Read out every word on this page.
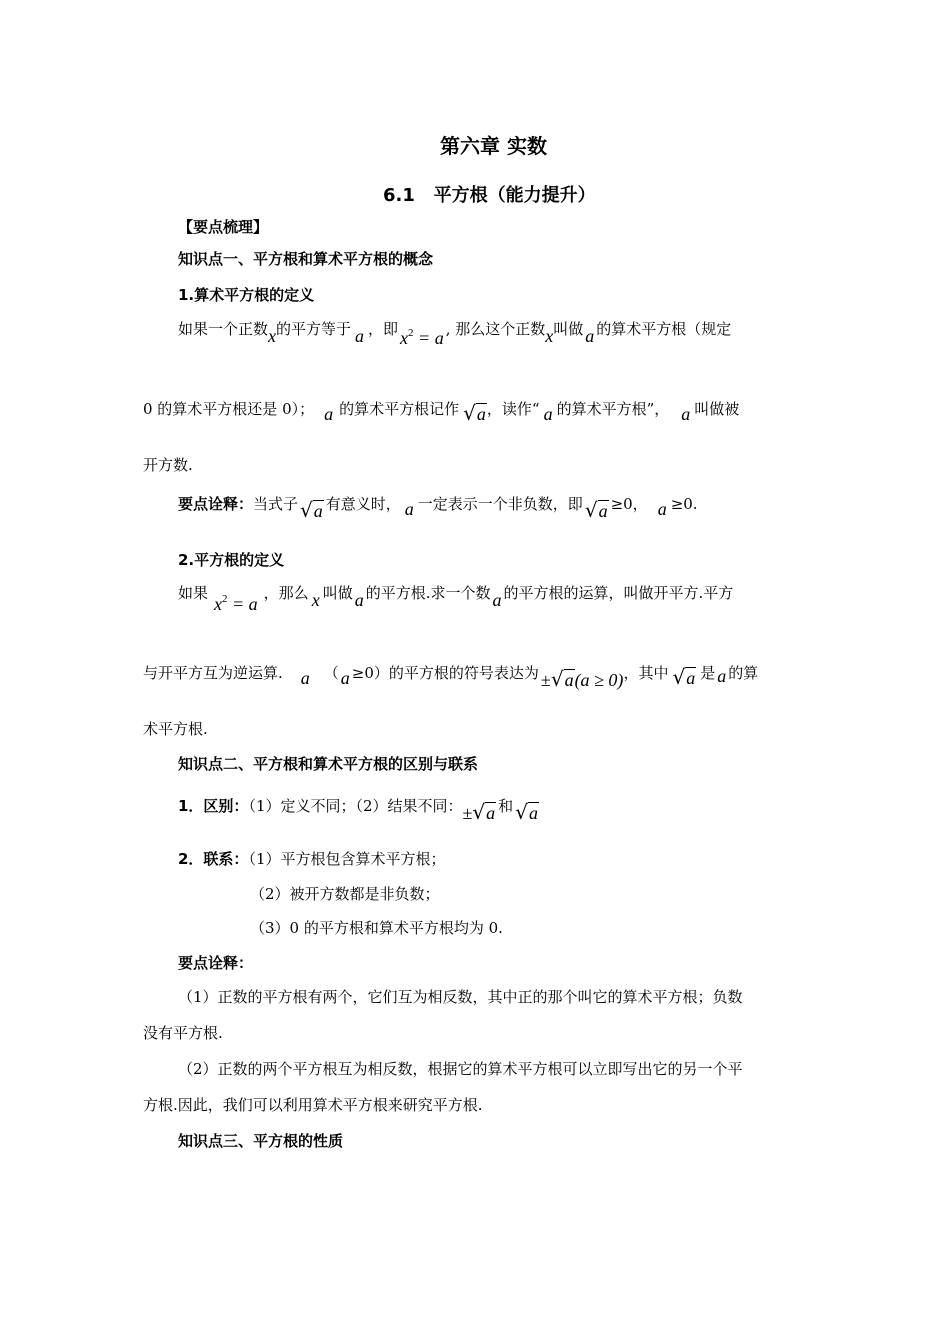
第六章 实数
6.1   平方根（能力提升）
【要点梳理】
知识点一、平方根和算术平方根的概念
1.算术平方根的定义
如果一个正数x的平方等于 a ，即 $x^2 = a$ , 那么这个正数x叫做 a 的算术平方根（规定
0 的算术平方根还是 0）； a 的算术平方根记作 √a，读作“ a 的算术平方根”， a 叫做被
开方数.
要点诠释：当式子 √a 有意义时， a 一定表示一个非负数，即 √a ≥0， a ≥0.
2.平方根的定义
如果$x^2 = a$，那么 x 叫做 a 的平方根.求一个数 a 的平方根的运算，叫做开平方.平方
与开平方互为逆运算. a （ a ≥0）的平方根的符号表达为 ±√a(a ≥ 0)，其中 √a 是 a 的算
术平方根.
知识点二、平方根和算术平方根的区别与联系
1．区别：（1）定义不同；（2）结果不同：±√a 和 √a
2．联系：（1）平方根包含算术平方根；
（2）被开方数都是非负数；
（3）0 的平方根和算术平方根均为 0.
要点诠释：
（1）正数的平方根有两个，它们互为相反数，其中正的那个叫它的算术平方根；负数
没有平方根.
（2）正数的两个平方根互为相反数，根据它的算术平方根可以立即写出它的另一个平
方根.因此，我们可以利用算术平方根来研究平方根.
知识点三、平方根的性质
